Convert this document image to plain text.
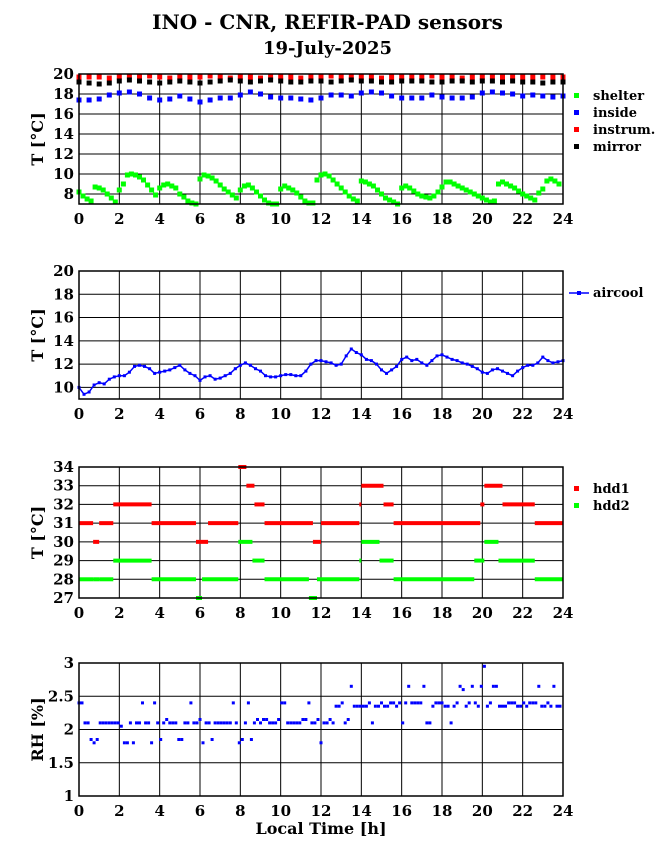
INO - CNR, REFIR-PAD sensors
19-July-2025
0 2 4 6 8 10 12 14 16 18 20 22 24
8
10
12
14
16
18
20
T [°C]
shelter
inside
instrum.
mirror
0 2 4 6 8 10 12 14 16 18 20 22 24
10
12
14
16
18
20
T [°C]
aircool
0 2 4 6 8 10 12 14 16 18 20 22 24
27
28
29
30
31
32
33
34
T [°C]
hdd1
hdd2
0 2 4 6 8 10 12 14 16 18 20 22 24
1
1.5
2
2.5
3
RH [%]
Local Time [h]
